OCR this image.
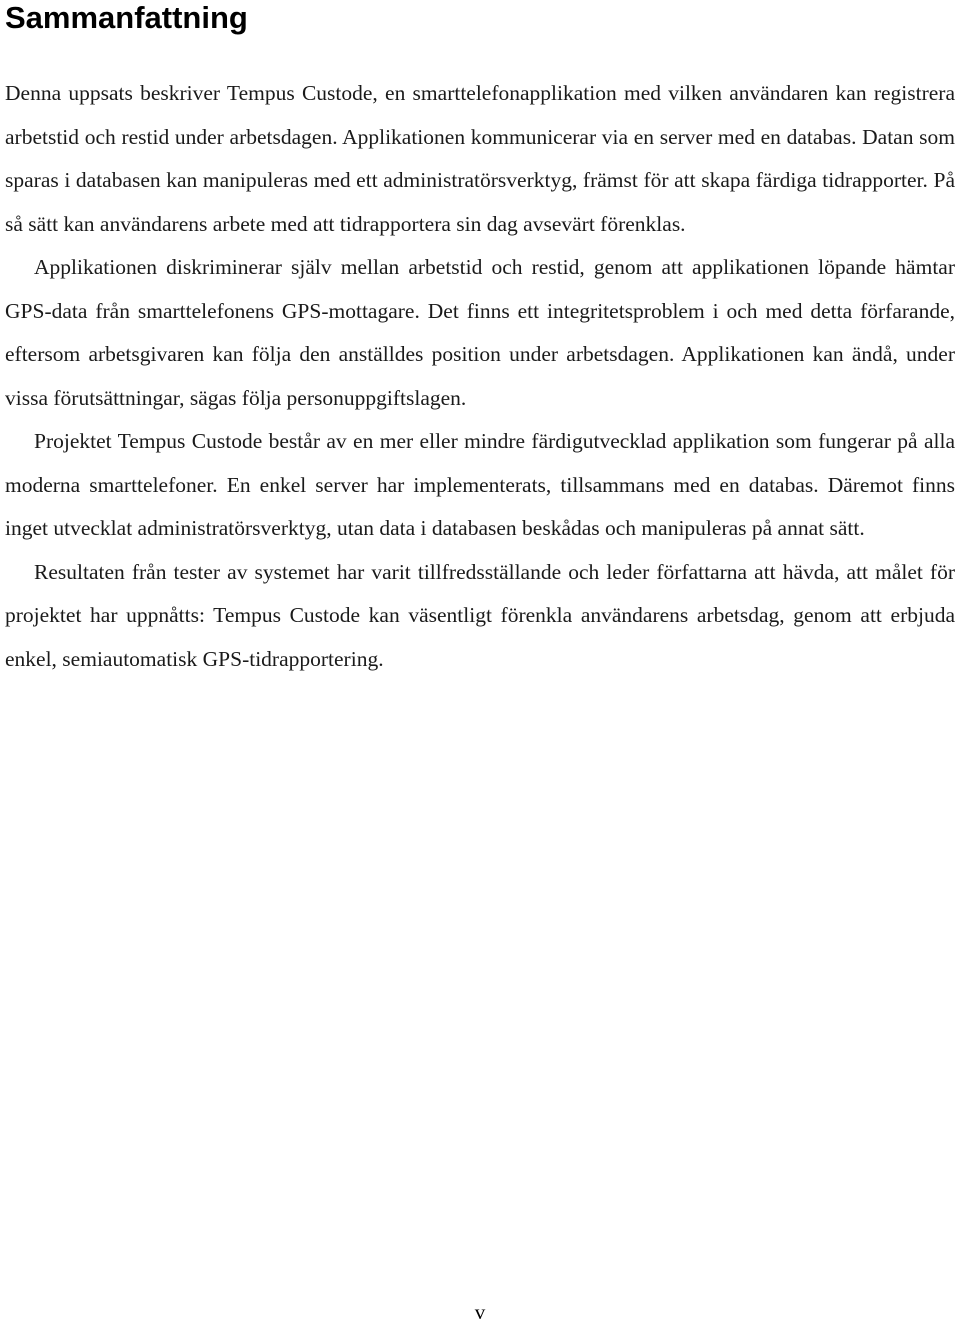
Sammanfattning

Denna uppsats beskriver Tempus Custode, en smarttelefonapplikation med vilken användaren kan registrera arbetstid och restid under arbetsdagen. Applikationen kommunicerar via en server med en databas. Datan som sparas i databasen kan manipuleras med ett administratörsverktyg, främst för att skapa färdiga tidrapporter. På så sätt kan användarens arbete med att tidrapportera sin dag avsevärt förenklas.

Applikationen diskriminerar själv mellan arbetstid och restid, genom att applikationen löpande hämtar GPS-data från smarttelefonens GPS-mottagare. Det finns ett integritetsproblem i och med detta förfarande, eftersom arbetsgivaren kan följa den anställdes position under arbetsdagen. Applikationen kan ändå, under vissa förutsättningar, sägas följa personuppgiftslagen.

Projektet Tempus Custode består av en mer eller mindre färdigutvecklad applikation som fungerar på alla moderna smarttelefoner. En enkel server har implementerats, tillsammans med en databas. Däremot finns inget utvecklat administratörsverktyg, utan data i databasen beskådas och manipuleras på annat sätt.

Resultaten från tester av systemet har varit tillfredsställande och leder författarna att hävda, att målet för projektet har uppnåtts: Tempus Custode kan väsentligt förenkla användarens arbetsdag, genom att erbjuda enkel, semiautomatisk GPS-tidrapportering.

v
